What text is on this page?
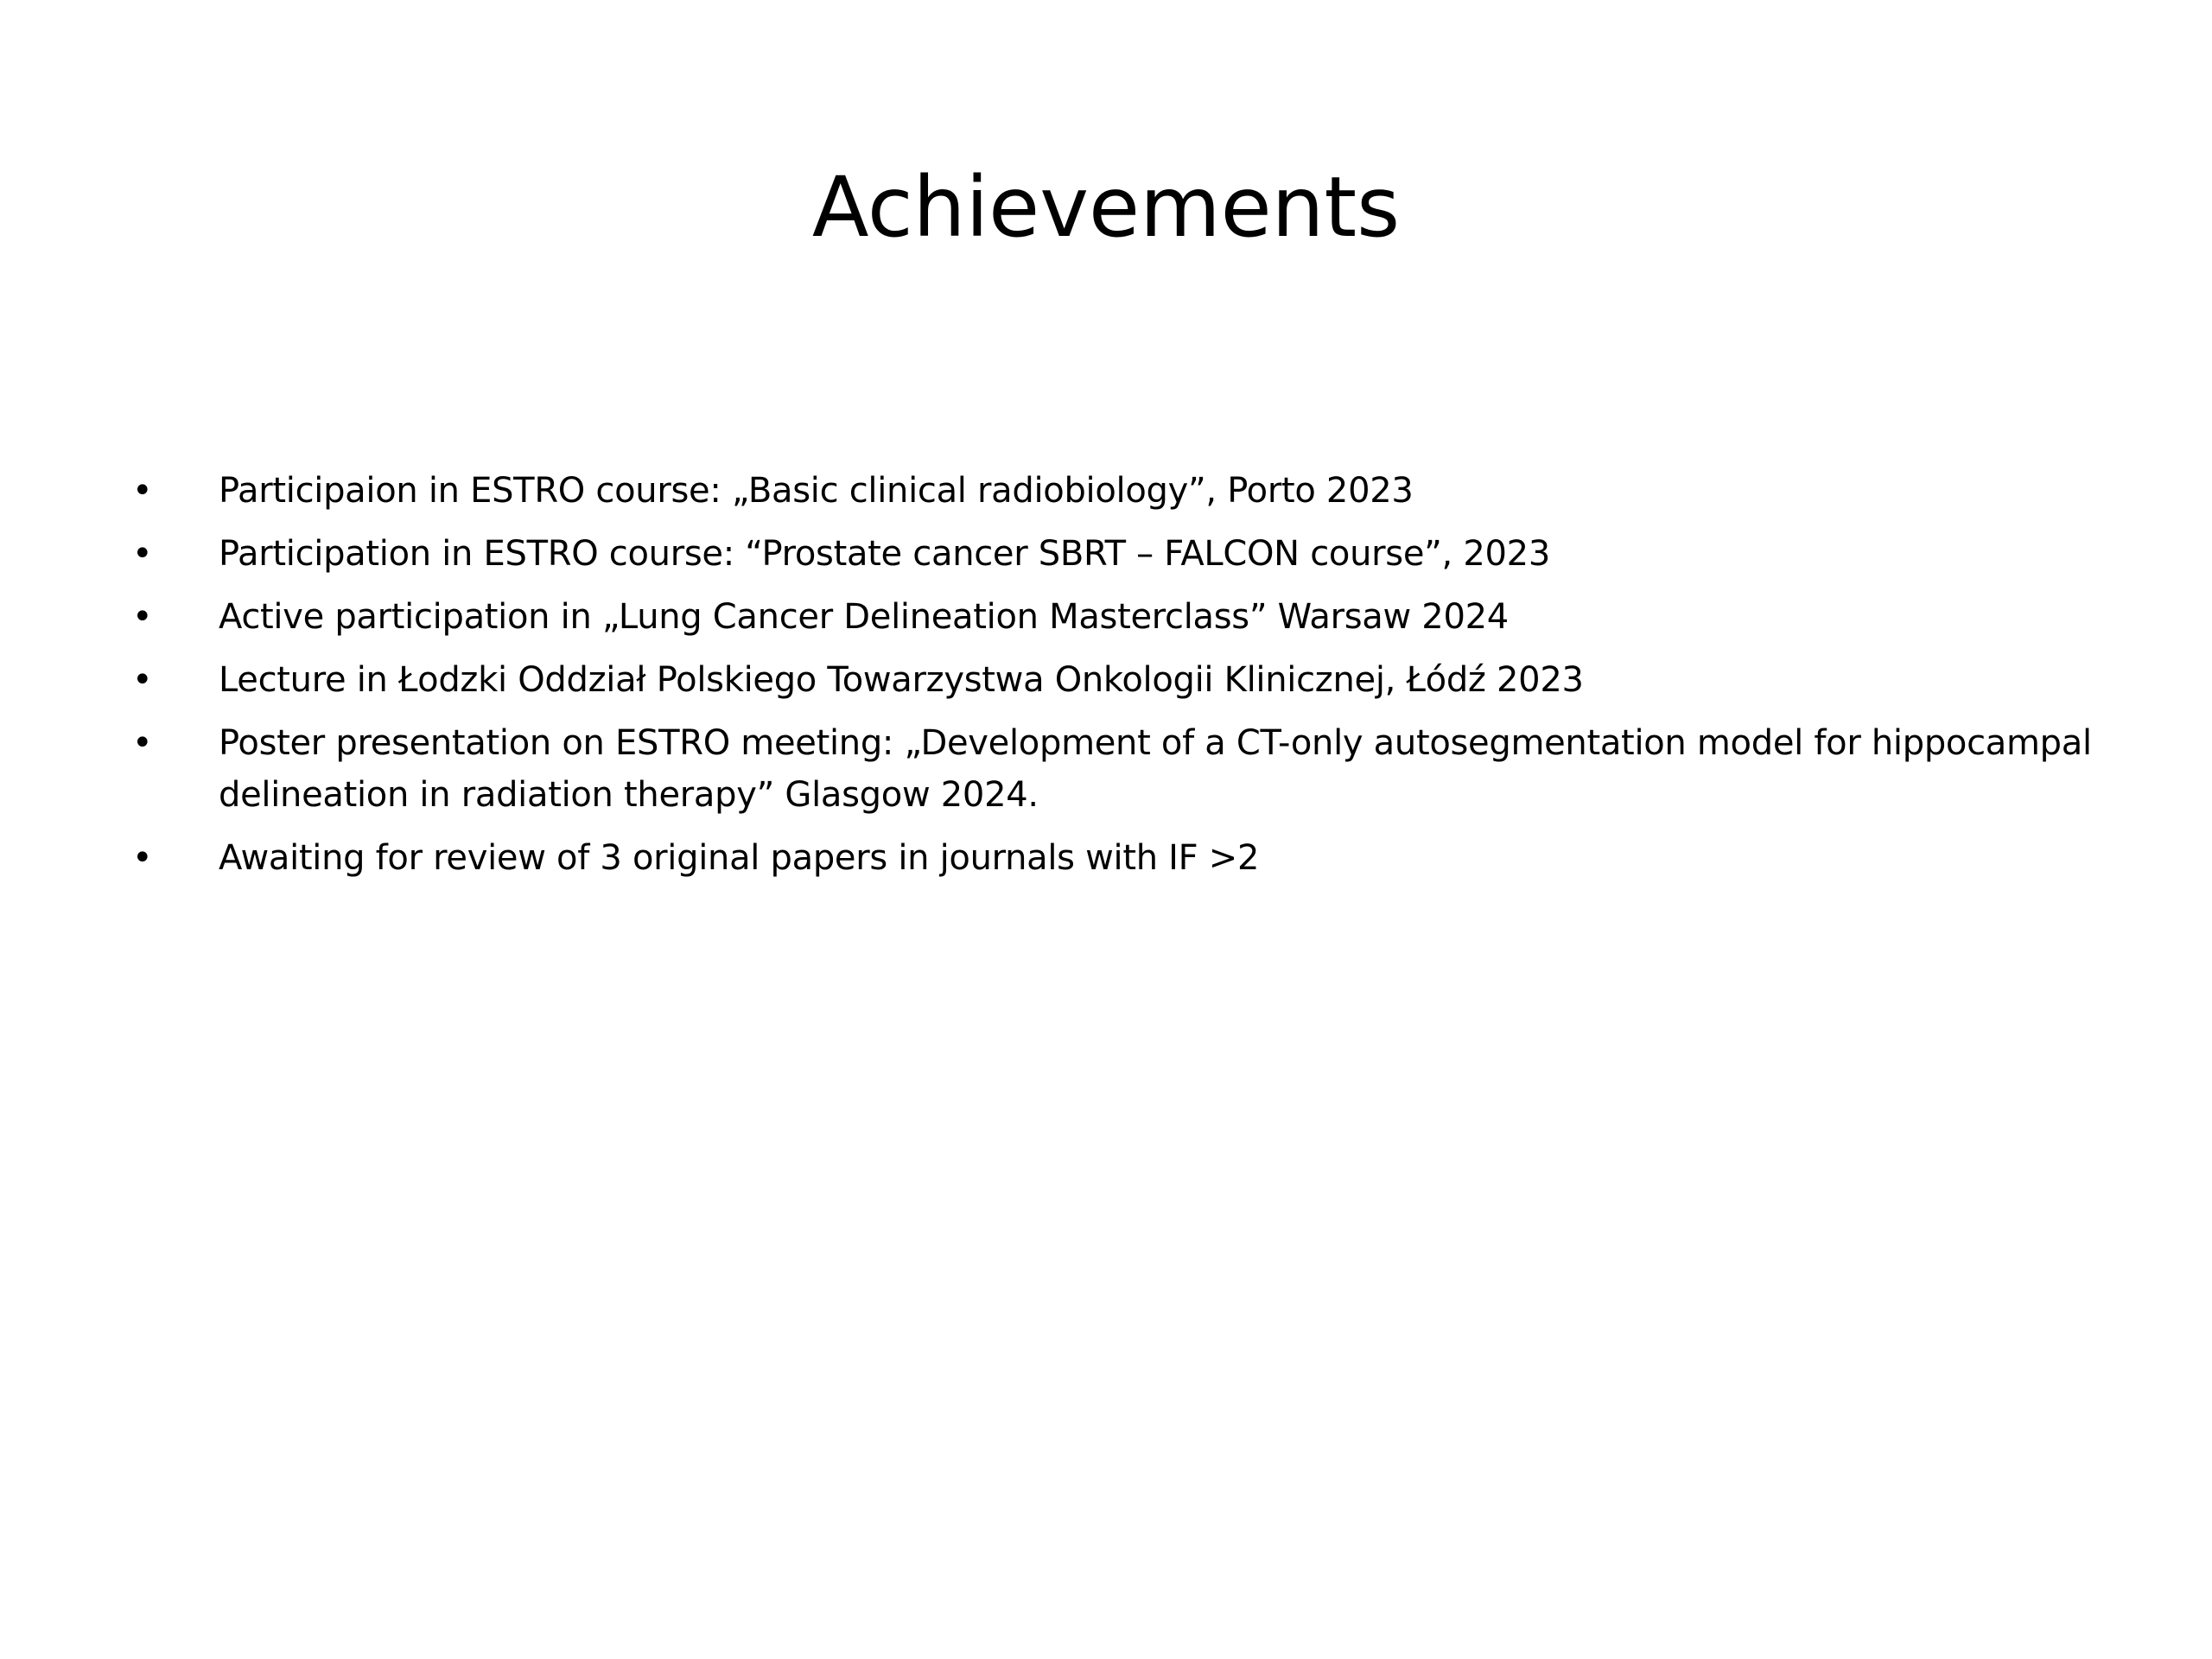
Achievements
• Participaion in ESTRO course: „Basic clinical radiobiology”, Porto 2023
• Participation in ESTRO course: “Prostate cancer SBRT – FALCON course”, 2023
• Active participation in „Lung Cancer Delineation Masterclass” Warsaw 2024
• Lecture in Łodzki Oddział Polskiego Towarzystwa Onkologii Klinicznej, Łódź 2023
• Poster presentation on ESTRO meeting: „Development of a CT-only autosegmentation model for hippocampal delineation in radiation therapy” Glasgow 2024.
• Awaiting for review of 3 original papers in journals with IF >2
